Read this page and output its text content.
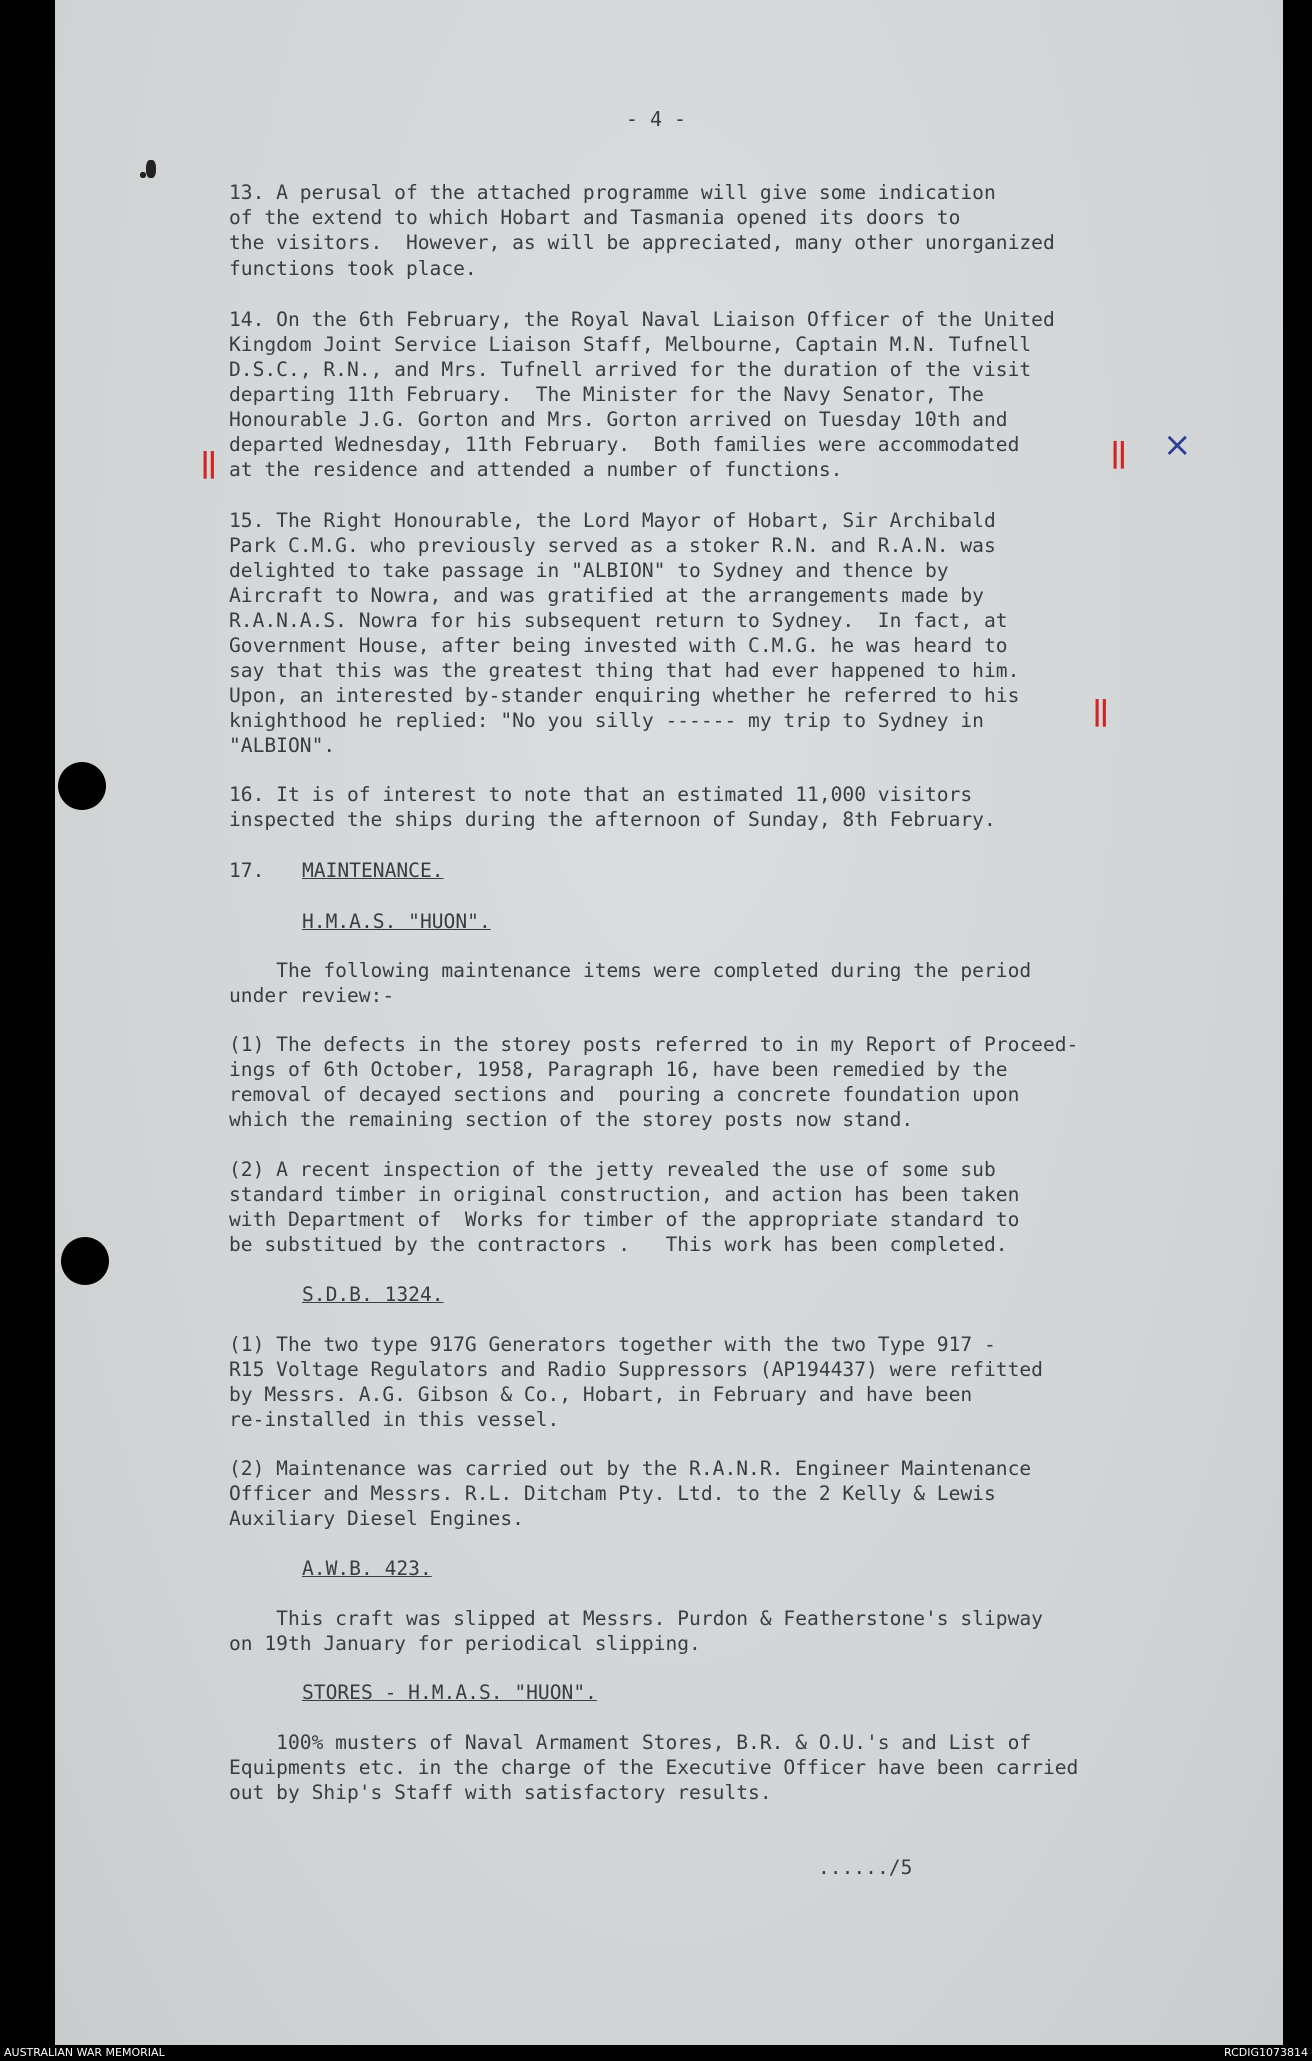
- 4 -

13. A perusal of the attached programme will give some indication

of the extend to which Hobart and Tasmania opened its doors to

the visitors.  However, as will be appreciated, many other unorganized

functions took place.

14. On the 6th February, the Royal Naval Liaison Officer of the United

Kingdom Joint Service Liaison Staff, Melbourne, Captain M.N. Tufnell

D.S.C., R.N., and Mrs. Tufnell arrived for the duration of the visit

departing 11th February.  The Minister for the Navy Senator, The

Honourable J.G. Gorton and Mrs. Gorton arrived on Tuesday 10th and

departed Wednesday, 11th February.  Both families were accommodated

at the residence and attended a number of functions.

||	|| ×

15. The Right Honourable, the Lord Mayor of Hobart, Sir Archibald

Park C.M.G. who previously served as a stoker R.N. and R.A.N. was

delighted to take passage in "ALBION" to Sydney and thence by

Aircraft to Nowra, and was gratified at the arrangements made by

R.A.N.A.S. Nowra for his subsequent return to Sydney.  In fact, at

Government House, after being invested with C.M.G. he was heard to

say that this was the greatest thing that had ever happened to him.

Upon, an interested by-stander enquiring whether he referred to his

knighthood he replied: "No you silly ------ my trip to Sydney in

"ALBION".

||

16. It is of interest to note that an estimated 11,000 visitors

inspected the ships during the afternoon of Sunday, 8th February.

17. MAINTENANCE.

H.M.A.S. "HUON".

The following maintenance items were completed during the period

under review:-

(1) The defects in the storey posts referred to in my Report of Proceed-

ings of 6th October, 1958, Paragraph 16, have been remedied by the

removal of decayed sections and  pouring a concrete foundation upon

which the remaining section of the storey posts now stand.

(2) A recent inspection of the jetty revealed the use of some sub

standard timber in original construction, and action has been taken

with Department of  Works for timber of the appropriate standard to

be substitued by the contractors .   This work has been completed.

S.D.B. 1324.

(1) The two type 917G Generators together with the two Type 917 -

R15 Voltage Regulators and Radio Suppressors (AP194437) were refitted

by Messrs. A.G. Gibson & Co., Hobart, in February and have been

re-installed in this vessel.

(2) Maintenance was carried out by the R.A.N.R. Engineer Maintenance

Officer and Messrs. R.L. Ditcham Pty. Ltd. to the 2 Kelly & Lewis

Auxiliary Diesel Engines.

A.W.B. 423.

This craft was slipped at Messrs. Purdon & Featherstone's slipway

on 19th January for periodical slipping.

STORES - H.M.A.S. "HUON".

100% musters of Naval Armament Stores, B.R. & O.U.'s and List of

Equipments etc. in the charge of the Executive Officer have been carried

out by Ship's Staff with satisfactory results.

....../5

AUSTRALIAN WAR MEMORIAL	RCDIG1073814
